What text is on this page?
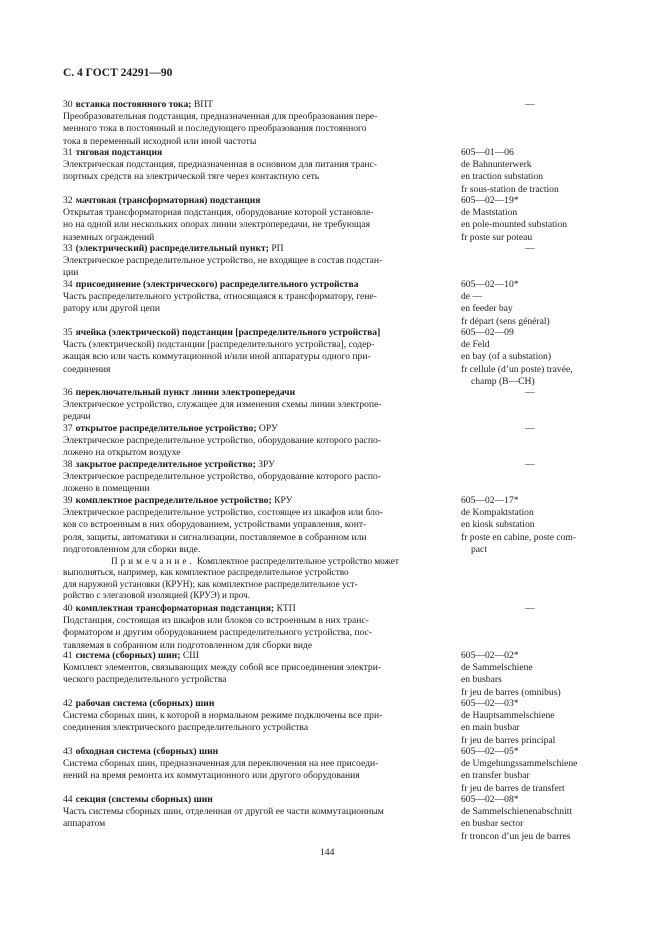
С. 4 ГОСТ 24291—90
30 вставка постоянного тока; ВПТ
Преобразовательная подстанция, предназначенная для преобразования пере-
менного тока в постоянный и последующего преобразования постоянного
тока в переменный исходной или иной частоты
31 тяговая подстанция
Электрическая подстанция, предназначенная в основном для питания транс-
портных средств на электрической тяге через контактную сеть
32 мачтовая (трансформаторная) подстанция
Открытая трансформаторная подстанция, оборудование которой установле-
но на одной или нескольких опорах линии электропередачи, не требующая
наземных ограждений
33 (электрический) распределительный пункт; РП
Электрическое распределительное устройство, не входящее в состав подстан-
ции
34 присоединение (электрического) распределительного устройства
Часть распределительного устройства, относящаяся к трансформатору, гене-
ратору или другой цепи
35 ячейка (электрической) подстанции [распределительного устройства]
Часть (электрической) подстанции [распределительного устройства], содер-
жащая всю или часть коммутационной и/или иной аппаратуры одного при-
соединения
36 переключательный пункт линии электропередачи
Электрическое устройство, служащее для изменения схемы линии электропе-
редачи
37 открытое распределительное устройство; ОРУ
Электрическое распределительное устройство, оборудование которого распо-
ложено на открытом воздухе
38 закрытое распределительное устройство; ЗРУ
Электрическое распределительное устройство, оборудование которого распо-
ложено в помещении
39 комплектное распределительное устройство; КРУ
Электрическое распределительное устройство, состоящее из шкафов или бло-
ков со встроенным в них оборудованием, устройствами управления, конт-
роля, защиты, автоматики и сигнализации, поставляемое в собранном или
подготовленном для сборки виде.
Примечание. Комплектное распределительное устройство может
выполняться, например, как комплектное распределительное устройство
для наружной установки (КРУН); как комплектное распределительное уст-
ройство с элегазовой изоляцией (КРУЭ) и проч.
40 комплектная трансформаторная подстанция; КТП
Подстанция, состоящая из шкафов или блоков со встроенным в них транс-
форматором и другим оборудованием распределительного устройства, пос-
тавляемая в собранном или подготовленном для сборки виде
41 система (сборных) шин; СШ
Комплект элементов, связывающих между собой все присоединения электри-
ческого распределительного устройства
42 рабочая система (сборных) шин
Система сборных шин, к которой в нормальном режиме подключены все при-
соединения электрического распределительного устройства
43 обходная система (сборных) шин
Система сборных шин, предназначенная для переключения на нее присоеди-
нений на время ремонта их коммутационного или другого оборудования
44 секция (системы сборных) шин
Часть системы сборных шин, отделенная от другой ее части коммутационным
аппаратом
—
—
—
—
—
—
605—01—06
de Bahnunterwerk
en traction substation
fr sous-station de traction
605—02—19*
de Maststation
en pole-mounted substation
fr poste sur poteau
605—02—10*
de —
en feeder bay
fr départ (sens général)
605—02—09
de Feld
en bay (of a substation)
fr cellule (d’un poste) travée,
champ (B—CH)
605—02—17*
de Kompaktstation
en kiosk substation
fr poste en cabine, poste com-
pact
605—02—02*
de Sammelschiene
en busbars
fr jeu de barres (omnibus)
605—02—03*
de Hauptsammelschiene
en main busbar
fr jeu de barres principal
605—02—05*
de Umgehungssammelschiene
en transfer busbar
fr jeu de barres de transfert
605—02—08*
de Sammelschienenabschnitt
en busbar sector
fr troncon d’un jeu de barres
144
